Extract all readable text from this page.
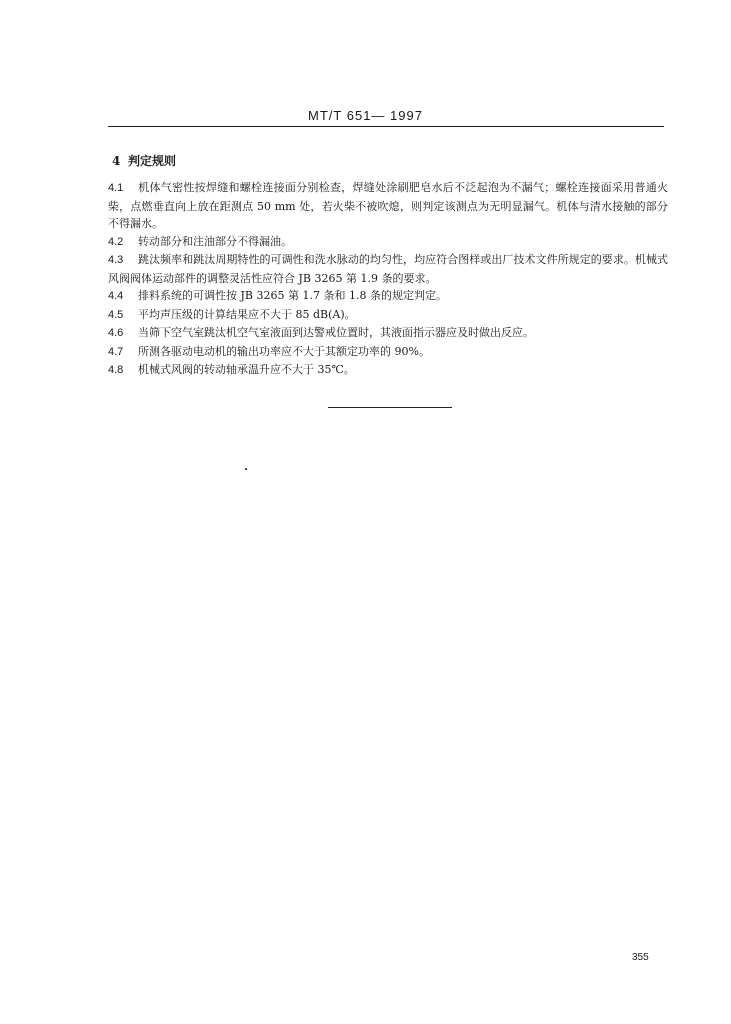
MT/T 651— 1997
4 判定规则

4.1 机体气密性按焊缝和螺栓连接面分别检查，焊缝处涂刷肥皂水后不泛起泡为不漏气；螺栓连接面采用普通火柴，点燃垂直向上放在距测点 50 mm 处，若火柴不被吹熄，则判定该测点为无明显漏气。机体与清水接触的部分不得漏水。

4.2 转动部分和注油部分不得漏油。

4.3 跳汰频率和跳汰周期特性的可调性和洗水脉动的均匀性，均应符合图样或出厂技术文件所规定的要求。机械式风阀阀体运动部件的调整灵活性应符合 JB 3265 第 1.9 条的要求。

4.4 排料系统的可调性按 JB 3265 第 1.7 条和 1.8 条的规定判定。

4.5 平均声压级的计算结果应不大于 85 dB(A)。

4.6 当筛下空气室跳汰机空气室液面到达警戒位置时，其液面指示器应及时做出反应。

4.7 所测各驱动电动机的输出功率应不大于其额定功率的 90%。

4.8 机械式风阀的转动轴承温升应不大于 35℃。

355
